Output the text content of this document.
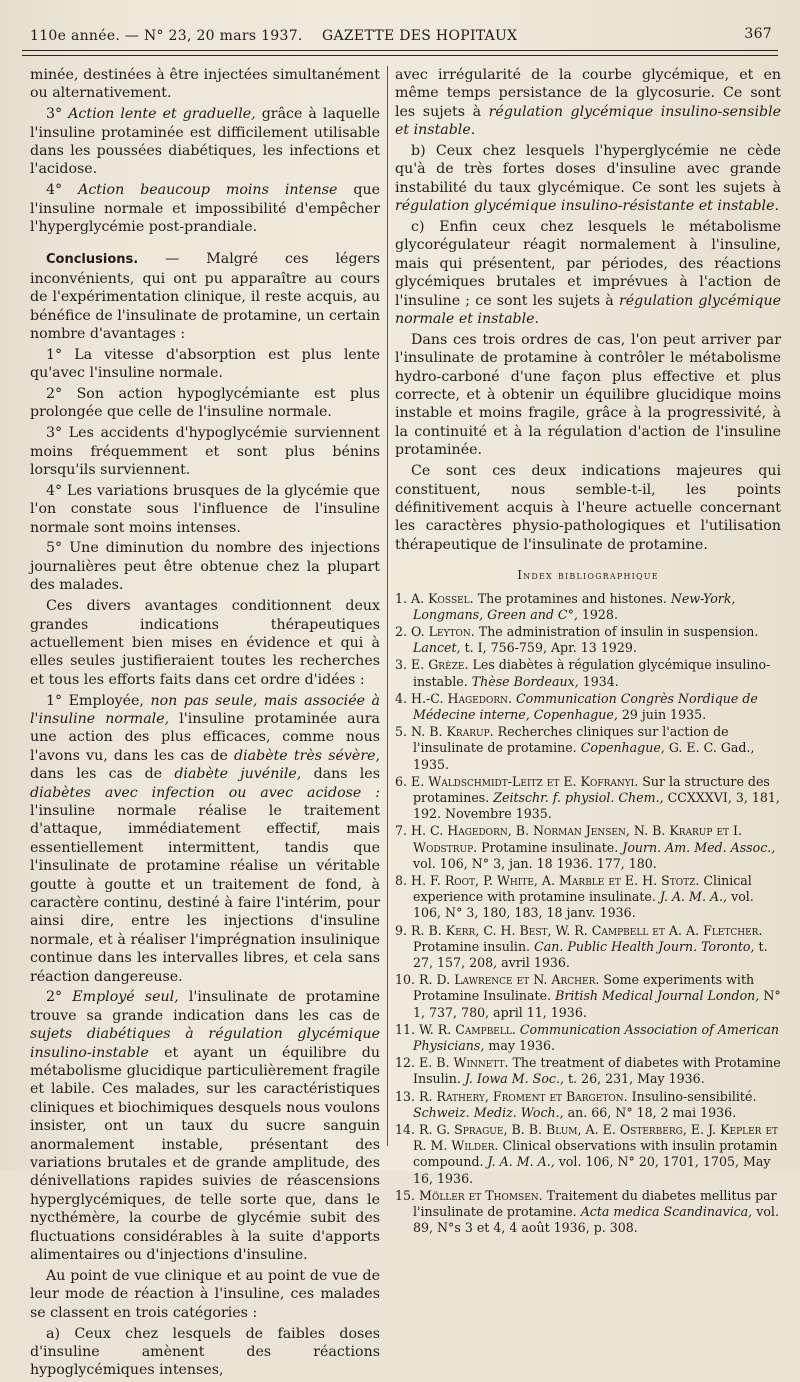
110e année. — N° 23, 20 mars 1937. GAZETTE DES HOPITAUX	367

minée, destinées à être injectées simultanément ou alternativement.

3° Action lente et graduelle, grâce à laquelle l'insuline protaminée est difficilement utilisable dans les poussées diabétiques, les infections et l'acidose.

4° Action beaucoup moins intense que l'insuline normale et impossibilité d'empêcher l'hyperglycémie post-prandiale.

Conclusions. — Malgré ces légers inconvénients, qui ont pu apparaître au cours de l'expérimentation clinique, il reste acquis, au bénéfice de l'insulinate de protamine, un certain nombre d'avantages :

1° La vitesse d'absorption est plus lente qu'avec l'insuline normale.

2° Son action hypoglycémiante est plus prolongée que celle de l'insuline normale.

3° Les accidents d'hypoglycémie surviennent moins fréquemment et sont plus bénins lorsqu'ils surviennent.

4° Les variations brusques de la glycémie que l'on constate sous l'influence de l'insuline normale sont moins intenses.

5° Une diminution du nombre des injections journalières peut être obtenue chez la plupart des malades.

Ces divers avantages conditionnent deux grandes indications thérapeutiques actuellement bien mises en évidence et qui à elles seules justifieraient toutes les recherches et tous les efforts faits dans cet ordre d'idées :

1° Employée, non pas seule, mais associée à l'insuline normale, l'insuline protaminée aura une action des plus efficaces, comme nous l'avons vu, dans les cas de diabète très sévère, dans les cas de diabète juvénile, dans les diabètes avec infection ou avec acidose : l'insuline normale réalise le traitement d'attaque, immédiatement effectif, mais essentiellement intermittent, tandis que l'insulinate de protamine réalise un véritable goutte à goutte et un traitement de fond, à caractère continu, destiné à faire l'intérim, pour ainsi dire, entre les injections d'insuline normale, et à réaliser l'imprégnation insulinique continue dans les intervalles libres, et cela sans réaction dangereuse.

2° Employé seul, l'insulinate de protamine trouve sa grande indication dans les cas de sujets diabétiques à régulation glycémique insulino-instable et ayant un équilibre du métabolisme glucidique particulièrement fragile et labile. Ces malades, sur les caractéristiques cliniques et biochimiques desquels nous voulons insister, ont un taux du sucre sanguin anormalement instable, présentant des variations brutales et de grande amplitude, des dénivellations rapides suivies de réascensions hyperglycémiques, de telle sorte que, dans le nycthémère, la courbe de glycémie subit des fluctuations considérables à la suite d'apports alimentaires ou d'injections d'insuline.

Au point de vue clinique et au point de vue de leur mode de réaction à l'insuline, ces malades se classent en trois catégories :

a) Ceux chez lesquels de faibles doses d'insuline amènent des réactions hypoglycémiques intenses,

avec irrégularité de la courbe glycémique, et en même temps persistance de la glycosurie. Ce sont les sujets à régulation glycémique insulino-sensible et instable.

b) Ceux chez lesquels l'hyperglycémie ne cède qu'à de très fortes doses d'insuline avec grande instabilité du taux glycémique. Ce sont les sujets à régulation glycémique insulino-résistante et instable.

c) Enfin ceux chez lesquels le métabolisme glycorégulateur réagit normalement à l'insuline, mais qui présentent, par périodes, des réactions glycémiques brutales et imprévues à l'action de l'insuline ; ce sont les sujets à régulation glycémique normale et instable.

Dans ces trois ordres de cas, l'on peut arriver par l'insulinate de protamine à contrôler le métabolisme hydro-carboné d'une façon plus effective et plus correcte, et à obtenir un équilibre glucidique moins instable et moins fragile, grâce à la progressivité, à la continuité et à la régulation d'action de l'insuline protaminée.

Ce sont ces deux indications majeures qui constituent, nous semble-t-il, les points définitivement acquis à l'heure actuelle concernant les caractères physio-pathologiques et l'utilisation thérapeutique de l'insulinate de protamine.

Index bibliographique

1. A. Kossel. The protamines and histones. New-York, Longmans, Green and C°, 1928.

2. O. Leyton. The administration of insulin in suspension. Lancet, t. I, 756-759, Apr. 13 1929.

3. E. Grèze. Les diabètes à régulation glycémique insulino-instable. Thèse Bordeaux, 1934.

4. H.-C. Hagedorn. Communication Congrès Nordique de Médecine interne, Copenhague, 29 juin 1935.

5. N. B. Krarup. Recherches cliniques sur l'action de l'insulinate de protamine. Copenhague, G. E. C. Gad., 1935.

6. E. Waldschmidt-Leitz et E. Kofranyi. Sur la structure des protamines. Zeitschr. f. physiol. Chem., CCXXXVI, 3, 181, 192. Novembre 1935.

7. H. C. Hagedorn, B. Norman Jensen, N. B. Krarup et I. Wodstrup. Protamine insulinate. Journ. Am. Med. Assoc., vol. 106, N° 3, jan. 18 1936. 177, 180.

8. H. F. Root, P. White, A. Marble et E. H. Stotz. Clinical experience with protamine insulinate. J. A. M. A., vol. 106, N° 3, 180, 183, 18 janv. 1936.

9. R. B. Kerr, C. H. Best, W. R. Campbell et A. A. Fletcher. Protamine insulin. Can. Public Health Journ. Toronto, t. 27, 157, 208, avril 1936.

10. R. D. Lawrence et N. Archer. Some experiments with Protamine Insulinate. British Medical Journal London, N° 1, 737, 780, april 11, 1936.

11. W. R. Campbell. Communication Association of American Physicians, may 1936.

12. E. B. Winnett. The treatment of diabetes with Protamine Insulin. J. Iowa M. Soc., t. 26, 231, May 1936.

13. R. Rathery, Froment et Bargeton. Insulino-sensibilité. Schweiz. Mediz. Woch., an. 66, N° 18, 2 mai 1936.

14. R. G. Sprague, B. B. Blum, A. E. Osterberg, E. J. Kepler et R. M. Wilder. Clinical observations with insulin protamin compound. J. A. M. A., vol. 106, N° 20, 1701, 1705, May 16, 1936.

15. Möller et Thomsen. Traitement du diabetes mellitus par l'insulinate de protamine. Acta medica Scandinavica, vol. 89, N°s 3 et 4, 4 août 1936, p. 308.
